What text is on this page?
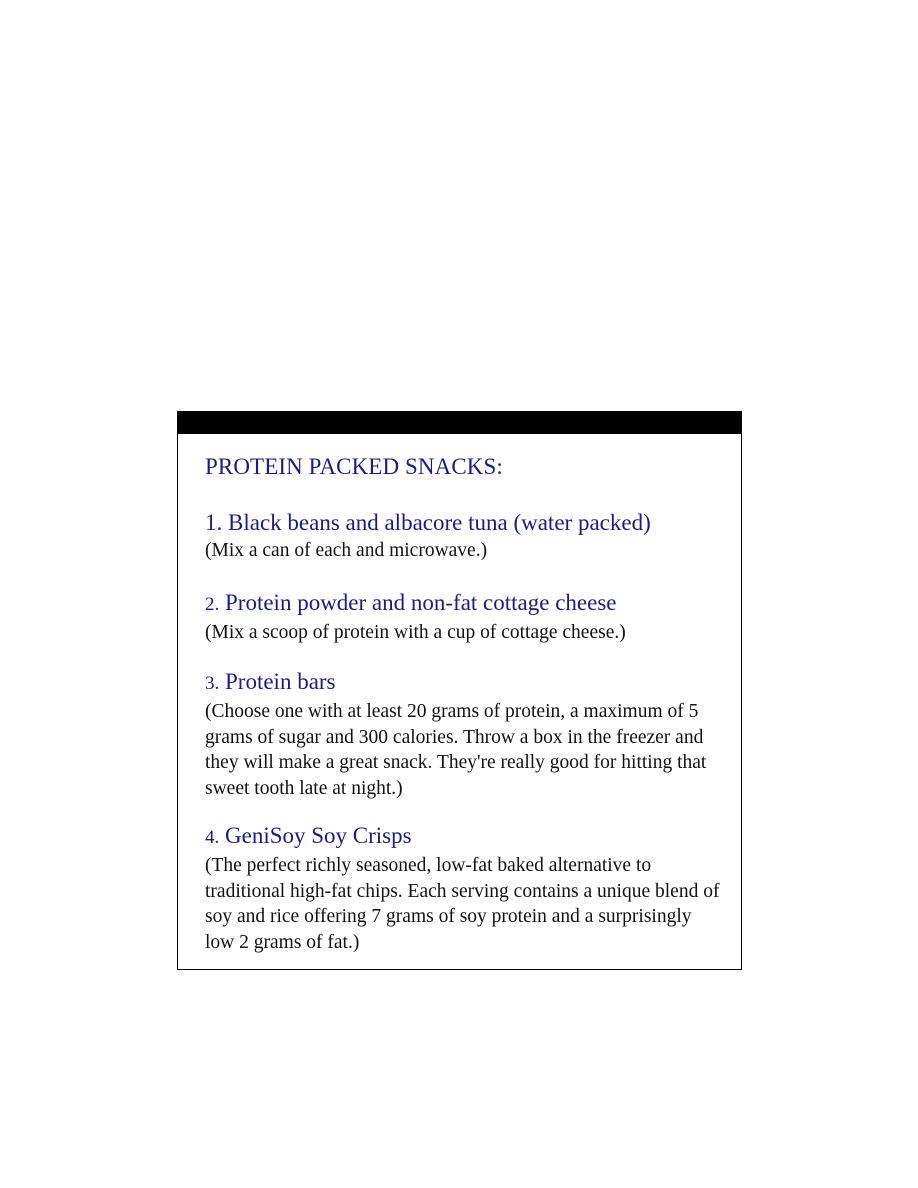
PROTEIN PACKED SNACKS:
1. Black beans and albacore tuna (water packed)
(Mix a can of each and microwave.)
2. Protein powder and non-fat cottage cheese
(Mix a scoop of protein with a cup of cottage cheese.)
3. Protein bars
(Choose one with at least 20 grams of protein, a maximum of 5 grams of sugar and 300 calories. Throw a box in the freezer and they will make a great snack. They're really good for hitting that sweet tooth late at night.)
4. GeniSoy Soy Crisps
(The perfect richly seasoned, low-fat baked alternative to traditional high-fat chips. Each serving contains a unique blend of soy and rice offering 7 grams of soy protein and a surprisingly low 2 grams of fat.)
